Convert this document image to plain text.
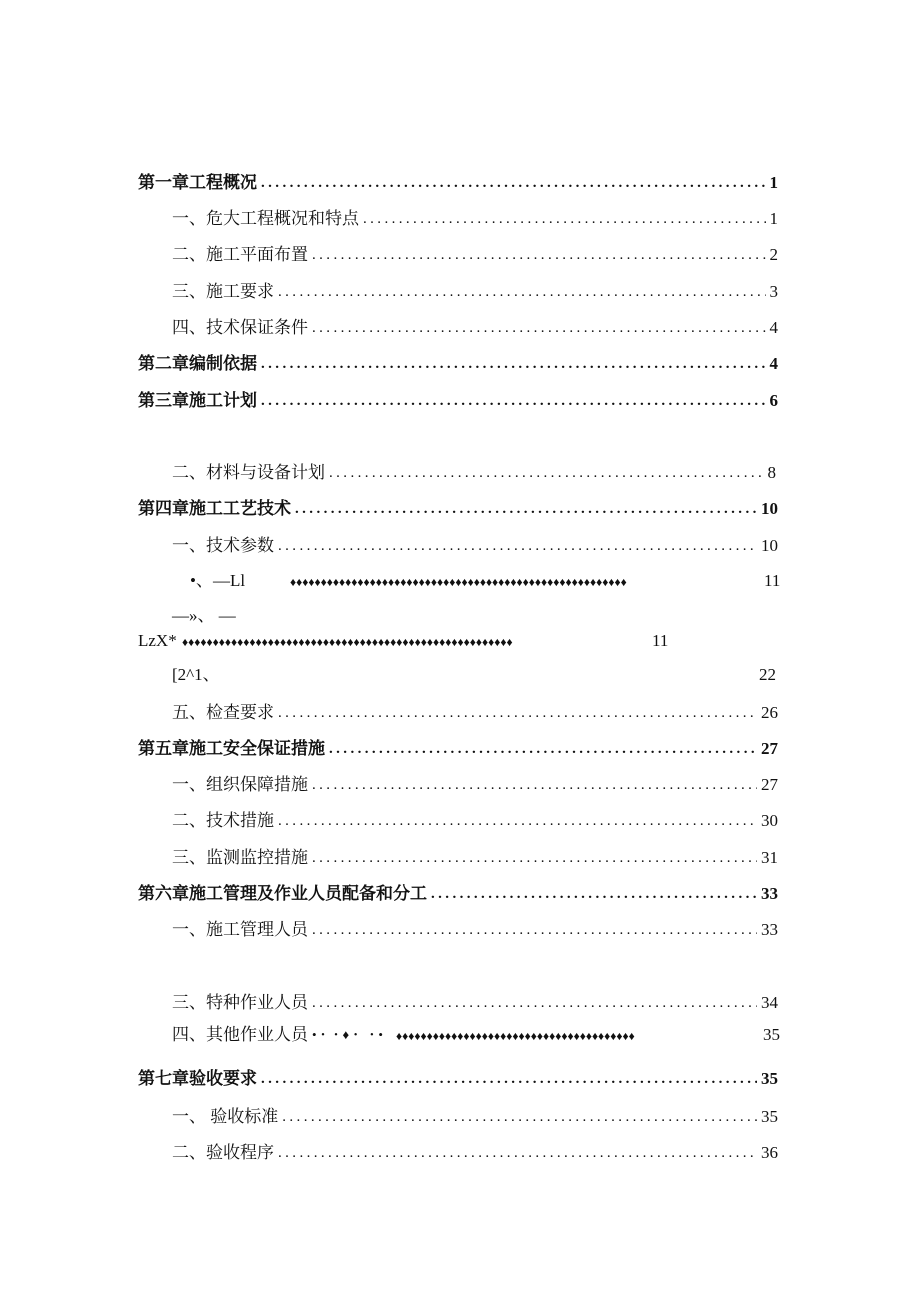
第一章工程概况 .....	1
一、危大工程概况和特点 .....	1
二、施工平面布置 .....	2
三、施工要求 .....	3
四、技术保证条件 .....	4
第二章编制依据 .....	4
第三章施工计划 .....	6
二、材料与设备计划 .....	8
第四章施工工艺技术 .....	10
一、技术参数 .....	10
•、—Ll	♦♦♦♦♦♦♦♦♦♦♦♦♦♦♦♦♦♦♦♦♦♦♦♦♦♦♦♦♦♦♦♦♦♦♦♦♦♦♦♦♦♦♦♦♦♦♦♦♦♦♦♦♦♦♦	11
—»、 —
LzX* ♦♦♦♦♦♦♦♦♦♦♦♦♦♦♦♦♦♦♦♦♦♦♦♦♦♦♦♦♦♦♦♦♦♦♦♦♦♦♦♦♦♦♦♦♦♦♦♦♦♦♦♦♦♦	11
[2^1、	22
五、检查要求 .....	26
第五章施工安全保证措施 .....	27
一、组织保障措施 .....	27
二、技术措施 .....	30
三、监测监控措施 .....	31
第六章施工管理及作业人员配备和分工 .....	33
一、施工管理人员 .....	33
三、特种作业人员 .....	34
四、其他作业人员 •・・♦・ ・• ♦♦♦♦♦♦♦♦♦♦♦♦♦♦♦♦♦♦♦♦♦♦♦♦♦♦♦♦♦♦♦♦♦♦♦♦♦♦♦	35
第七章验收要求 .....	35
一、 验收标准 .....	35
二、验收程序 .....	36
